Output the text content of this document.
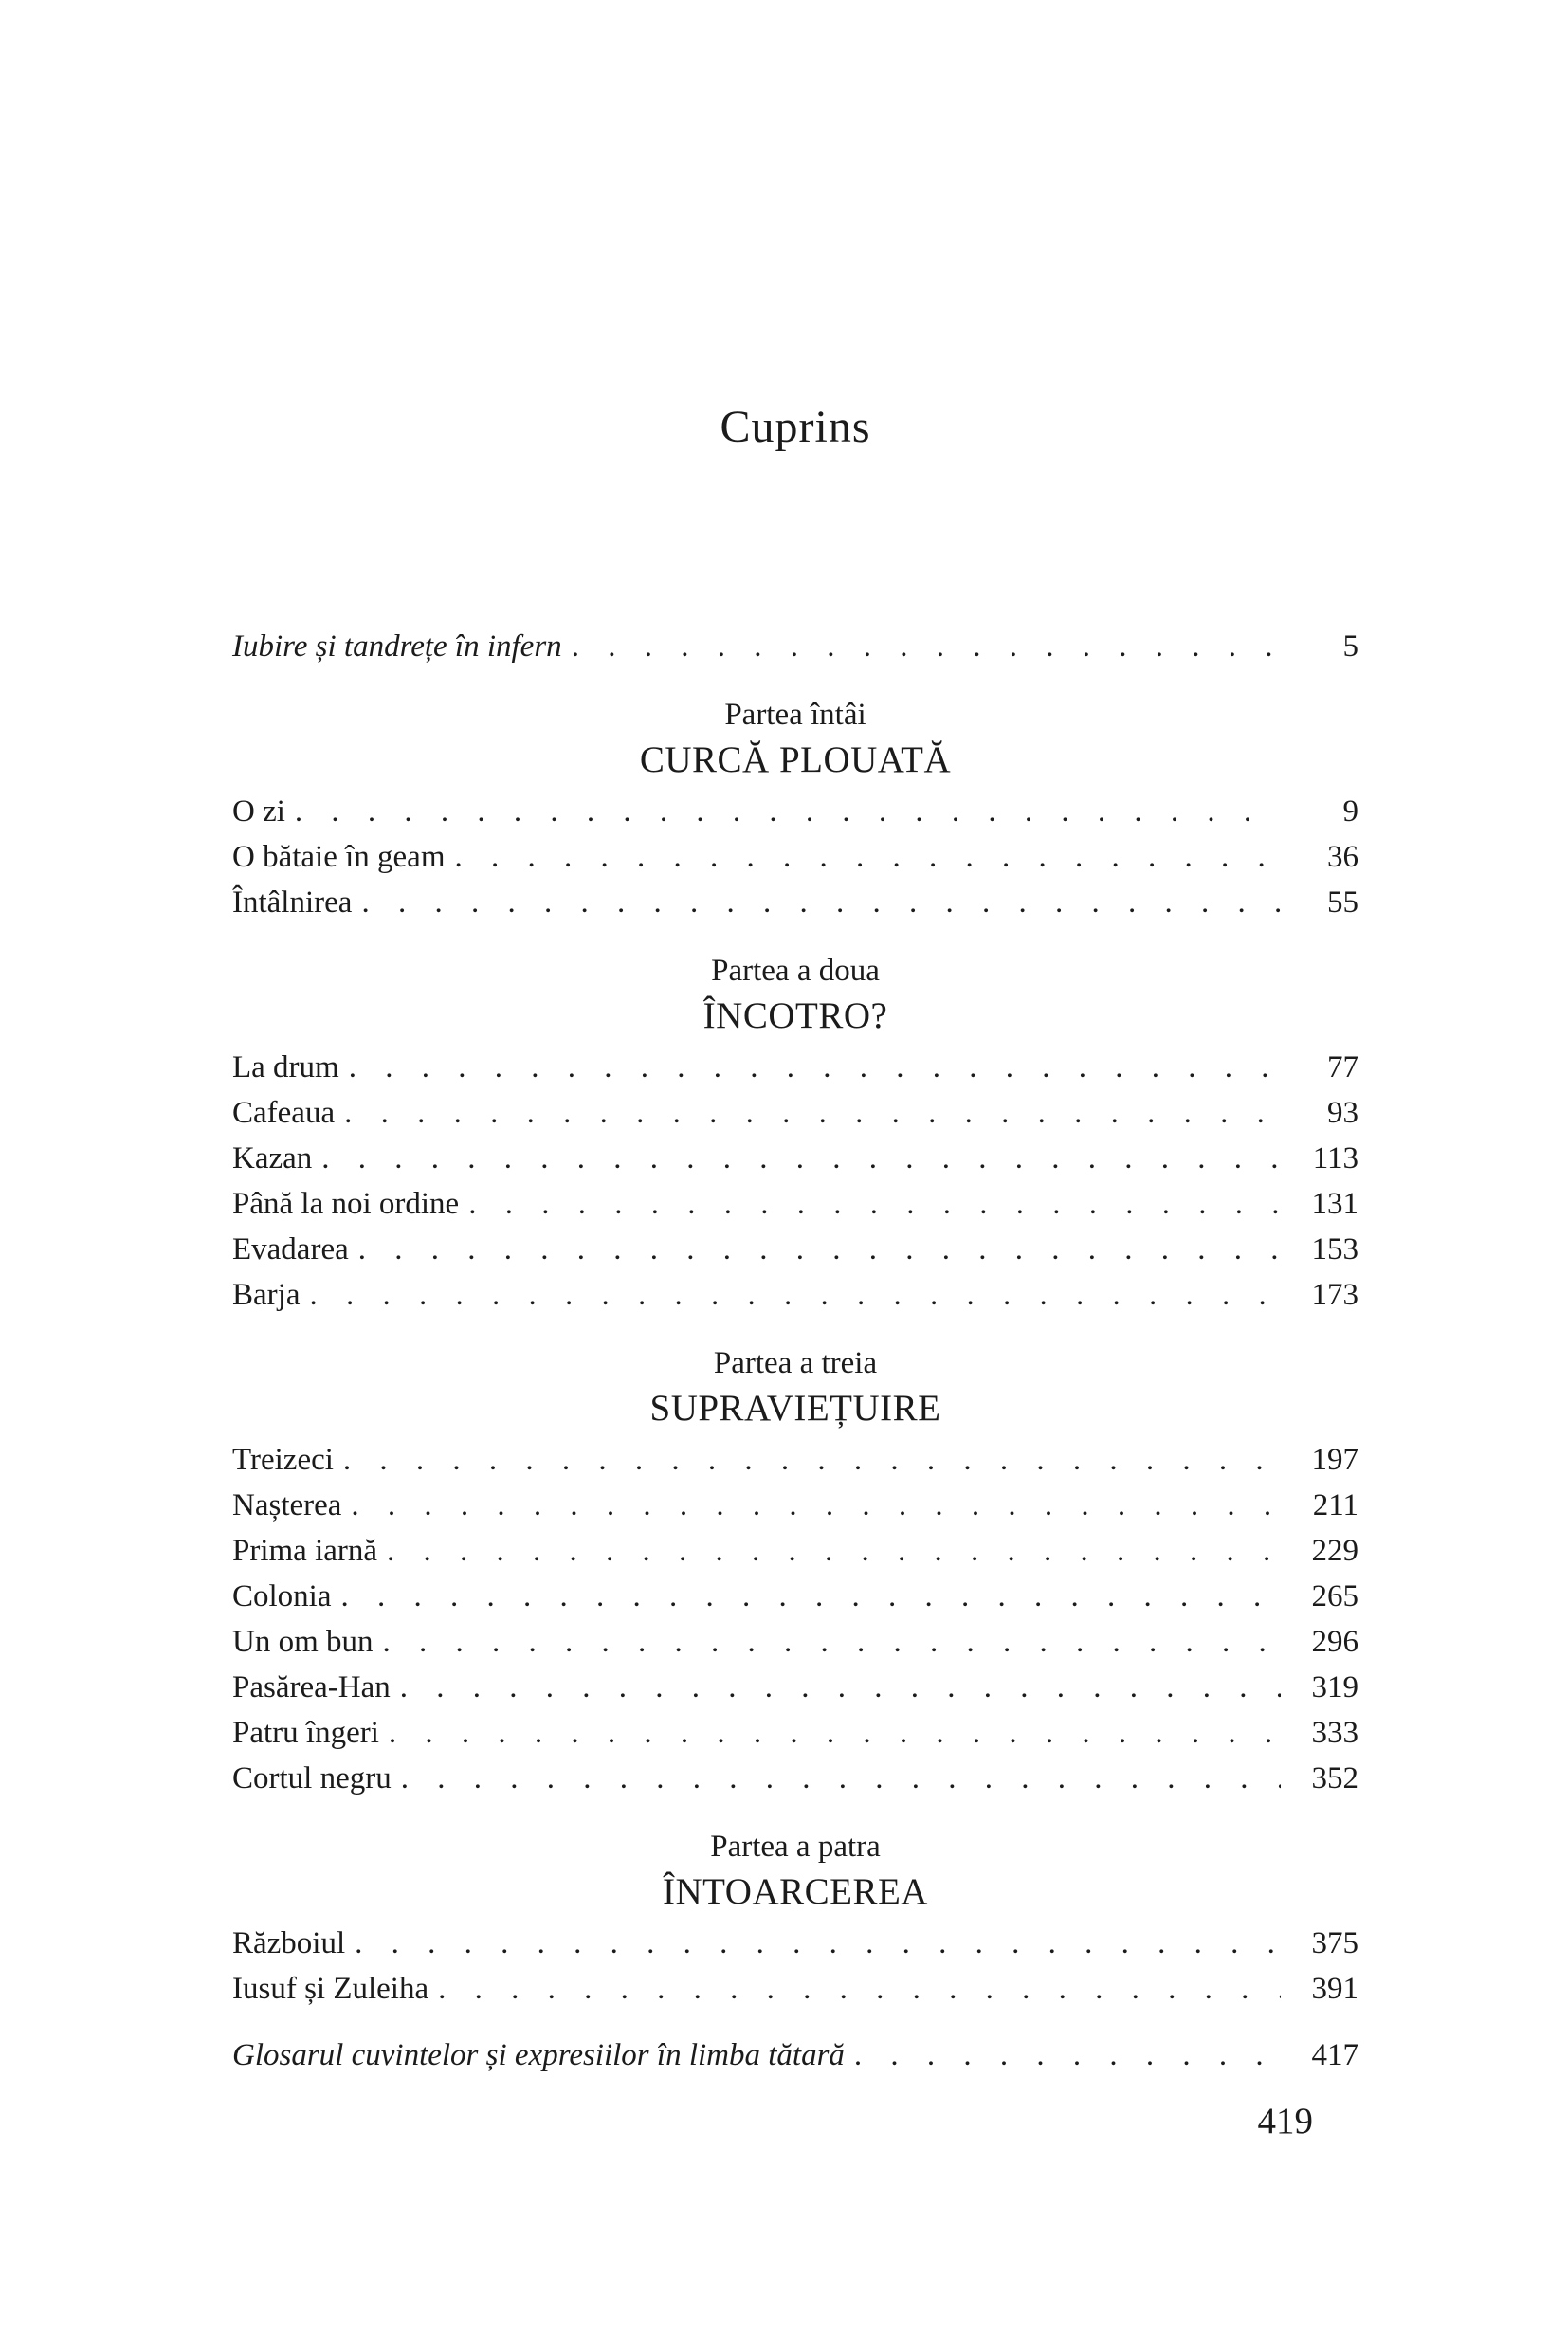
Cuprins
Iubire și tandrețe în infern . . .	5
Partea întâi
CURCĂ PLOUATĂ
O zi . . .	9
O bătaie în geam . . .	36
Întâlnirea . . .	55
Partea a doua
ÎNCOTRO?
La drum . . .	77
Cafeaua . . .	93
Kazan . . .	113
Până la noi ordine . . .	131
Evadarea . . .	153
Barja . . .	173
Partea a treia
SUPRAVIEȚUIRE
Treizeci . . .	197
Nașterea . . .	211
Prima iarnă . . .	229
Colonia . . .	265
Un om bun . . .	296
Pasărea-Han . . .	319
Patru îngeri . . .	333
Cortul negru . . .	352
Partea a patra
ÎNTOARCEREA
Războiul . . .	375
Iusuf și Zuleiha . . .	391
Glosarul cuvintelor și expresiilor în limba tătară . . .	417
419
